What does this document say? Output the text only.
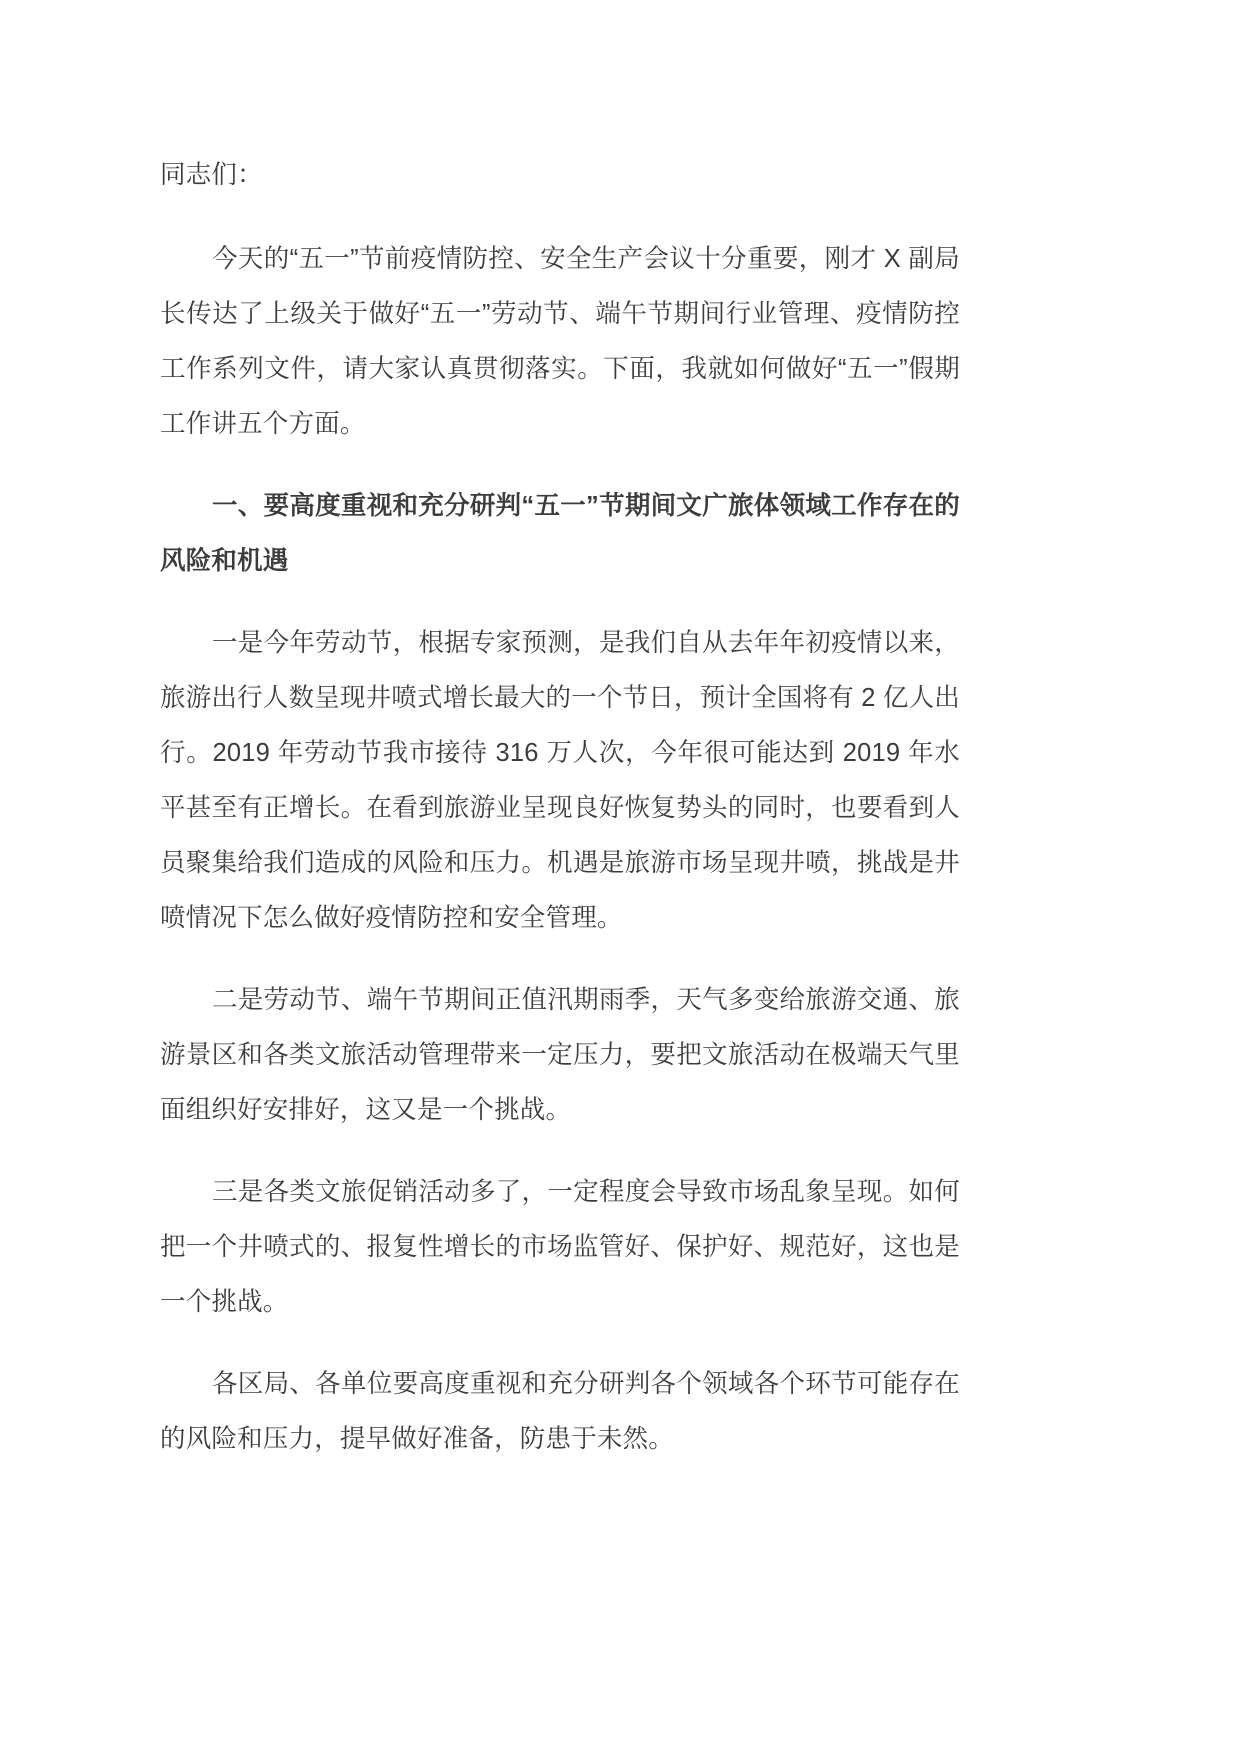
同志们：

今天的“五一”节前疫情防控、安全生产会议十分重要，刚才 X 副局长传达了上级关于做好“五一”劳动节、端午节期间行业管理、疫情防控工作系列文件，请大家认真贯彻落实。下面，我就如何做好“五一”假期工作讲五个方面。

一、要高度重视和充分研判“五一”节期间文广旅体领域工作存在的风险和机遇

一是今年劳动节，根据专家预测，是我们自从去年年初疫情以来，旅游出行人数呈现井喷式增长最大的一个节日，预计全国将有 2 亿人出行。2019 年劳动节我市接待 316 万人次，今年很可能达到 2019 年水平甚至有正增长。在看到旅游业呈现良好恢复势头的同时，也要看到人员聚集给我们造成的风险和压力。机遇是旅游市场呈现井喷，挑战是井喷情况下怎么做好疫情防控和安全管理。

二是劳动节、端午节期间正值汛期雨季，天气多变给旅游交通、旅游景区和各类文旅活动管理带来一定压力，要把文旅活动在极端天气里面组织好安排好，这又是一个挑战。

三是各类文旅促销活动多了，一定程度会导致市场乱象呈现。如何把一个井喷式的、报复性增长的市场监管好、保护好、规范好，这也是一个挑战。

各区局、各单位要高度重视和充分研判各个领域各个环节可能存在的风险和压力，提早做好准备，防患于未然。
